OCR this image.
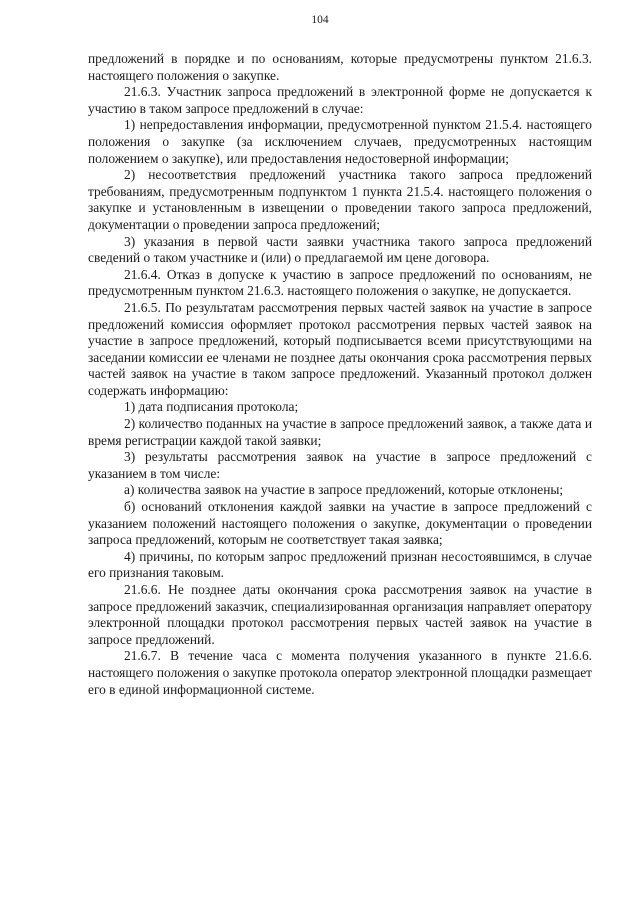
104

предложений в порядке и по основаниям, которые предусмотрены пунктом 21.6.3. настоящего положения о закупке.

21.6.3. Участник запроса предложений в электронной форме не допускается к участию в таком запросе предложений в случае:

1) непредоставления информации, предусмотренной пунктом 21.5.4. настоящего положения о закупке (за исключением случаев, предусмотренных настоящим положением о закупке), или предоставления недостоверной информации;

2) несоответствия предложений участника такого запроса предложений требованиям, предусмотренным подпунктом 1 пункта 21.5.4. настоящего положения о закупке и установленным в извещении о проведении такого запроса предложений, документации о проведении запроса предложений;

3) указания в первой части заявки участника такого запроса предложений сведений о таком участнике и (или) о предлагаемой им цене договора.

21.6.4. Отказ в допуске к участию в запросе предложений по основаниям, не предусмотренным пунктом 21.6.3. настоящего положения о закупке, не допускается.

21.6.5. По результатам рассмотрения первых частей заявок на участие в запросе предложений комиссия оформляет протокол рассмотрения первых частей заявок на участие в запросе предложений, который подписывается всеми присутствующими на заседании комиссии ее членами не позднее даты окончания срока рассмотрения первых частей заявок на участие в таком запросе предложений. Указанный протокол должен содержать информацию:

1) дата подписания протокола;

2) количество поданных на участие в запросе предложений заявок, а также дата и время регистрации каждой такой заявки;

3) результаты рассмотрения заявок на участие в запросе предложений с указанием в том числе:

а) количества заявок на участие в запросе предложений, которые отклонены;

б) оснований отклонения каждой заявки на участие в запросе предложений с указанием положений настоящего положения о закупке, документации о проведении запроса предложений, которым не соответствует такая заявка;

4) причины, по которым запрос предложений признан несостоявшимся, в случае его признания таковым.

21.6.6. Не позднее даты окончания срока рассмотрения заявок на участие в запросе предложений заказчик, специализированная организация направляет оператору электронной площадки протокол рассмотрения первых частей заявок на участие в запросе предложений.

21.6.7. В течение часа с момента получения указанного в пункте 21.6.6. настоящего положения о закупке протокола оператор электронной площадки размещает его в единой информационной системе.
